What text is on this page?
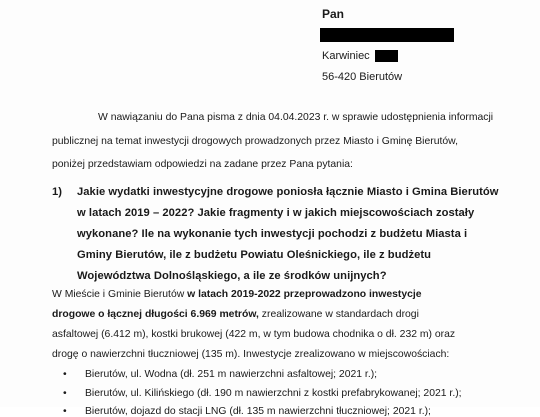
Pan
Karwiniec
56-420 Bierutów
W nawiązaniu do Pana pisma z dnia 04.04.2023 r. w sprawie udostępnienia informacji
publicznej na temat inwestycji drogowych prowadzonych przez Miasto i Gminę Bierutów,
poniżej przedstawiam odpowiedzi na zadane przez Pana pytania:
1) Jakie wydatki inwestycyjne drogowe poniosła łącznie Miasto i Gmina Bierutów
w latach 2019 – 2022? Jakie fragmenty i w jakich miejscowościach zostały
wykonane? Ile na wykonanie tych inwestycji pochodzi z budżetu Miasta i
Gminy Bierutów, ile z budżetu Powiatu Oleśnickiego, ile z budżetu
Województwa Dolnośląskiego, a ile ze środków unijnych?
W Mieście i Gminie Bierutów w latach 2019-2022 przeprowadzono inwestycje
drogowe o łącznej długości 6.969 metrów, zrealizowane w standardach drogi
asfaltowej (6.412 m), kostki brukowej (422 m, w tym budowa chodnika o dł. 232 m) oraz
drogę o nawierzchni tłuczniowej (135 m). Inwestycje zrealizowano w miejscowościach:
• Bierutów, ul. Wodna (dł. 251 m nawierzchni asfaltowej; 2021 r.);
• Bierutów, ul. Kilińskiego (dł. 190 m nawierzchni z kostki prefabrykowanej; 2021 r.);
• Bierutów, dojazd do stacji LNG (dł. 135 m nawierzchni tłuczniowej; 2021 r.);
